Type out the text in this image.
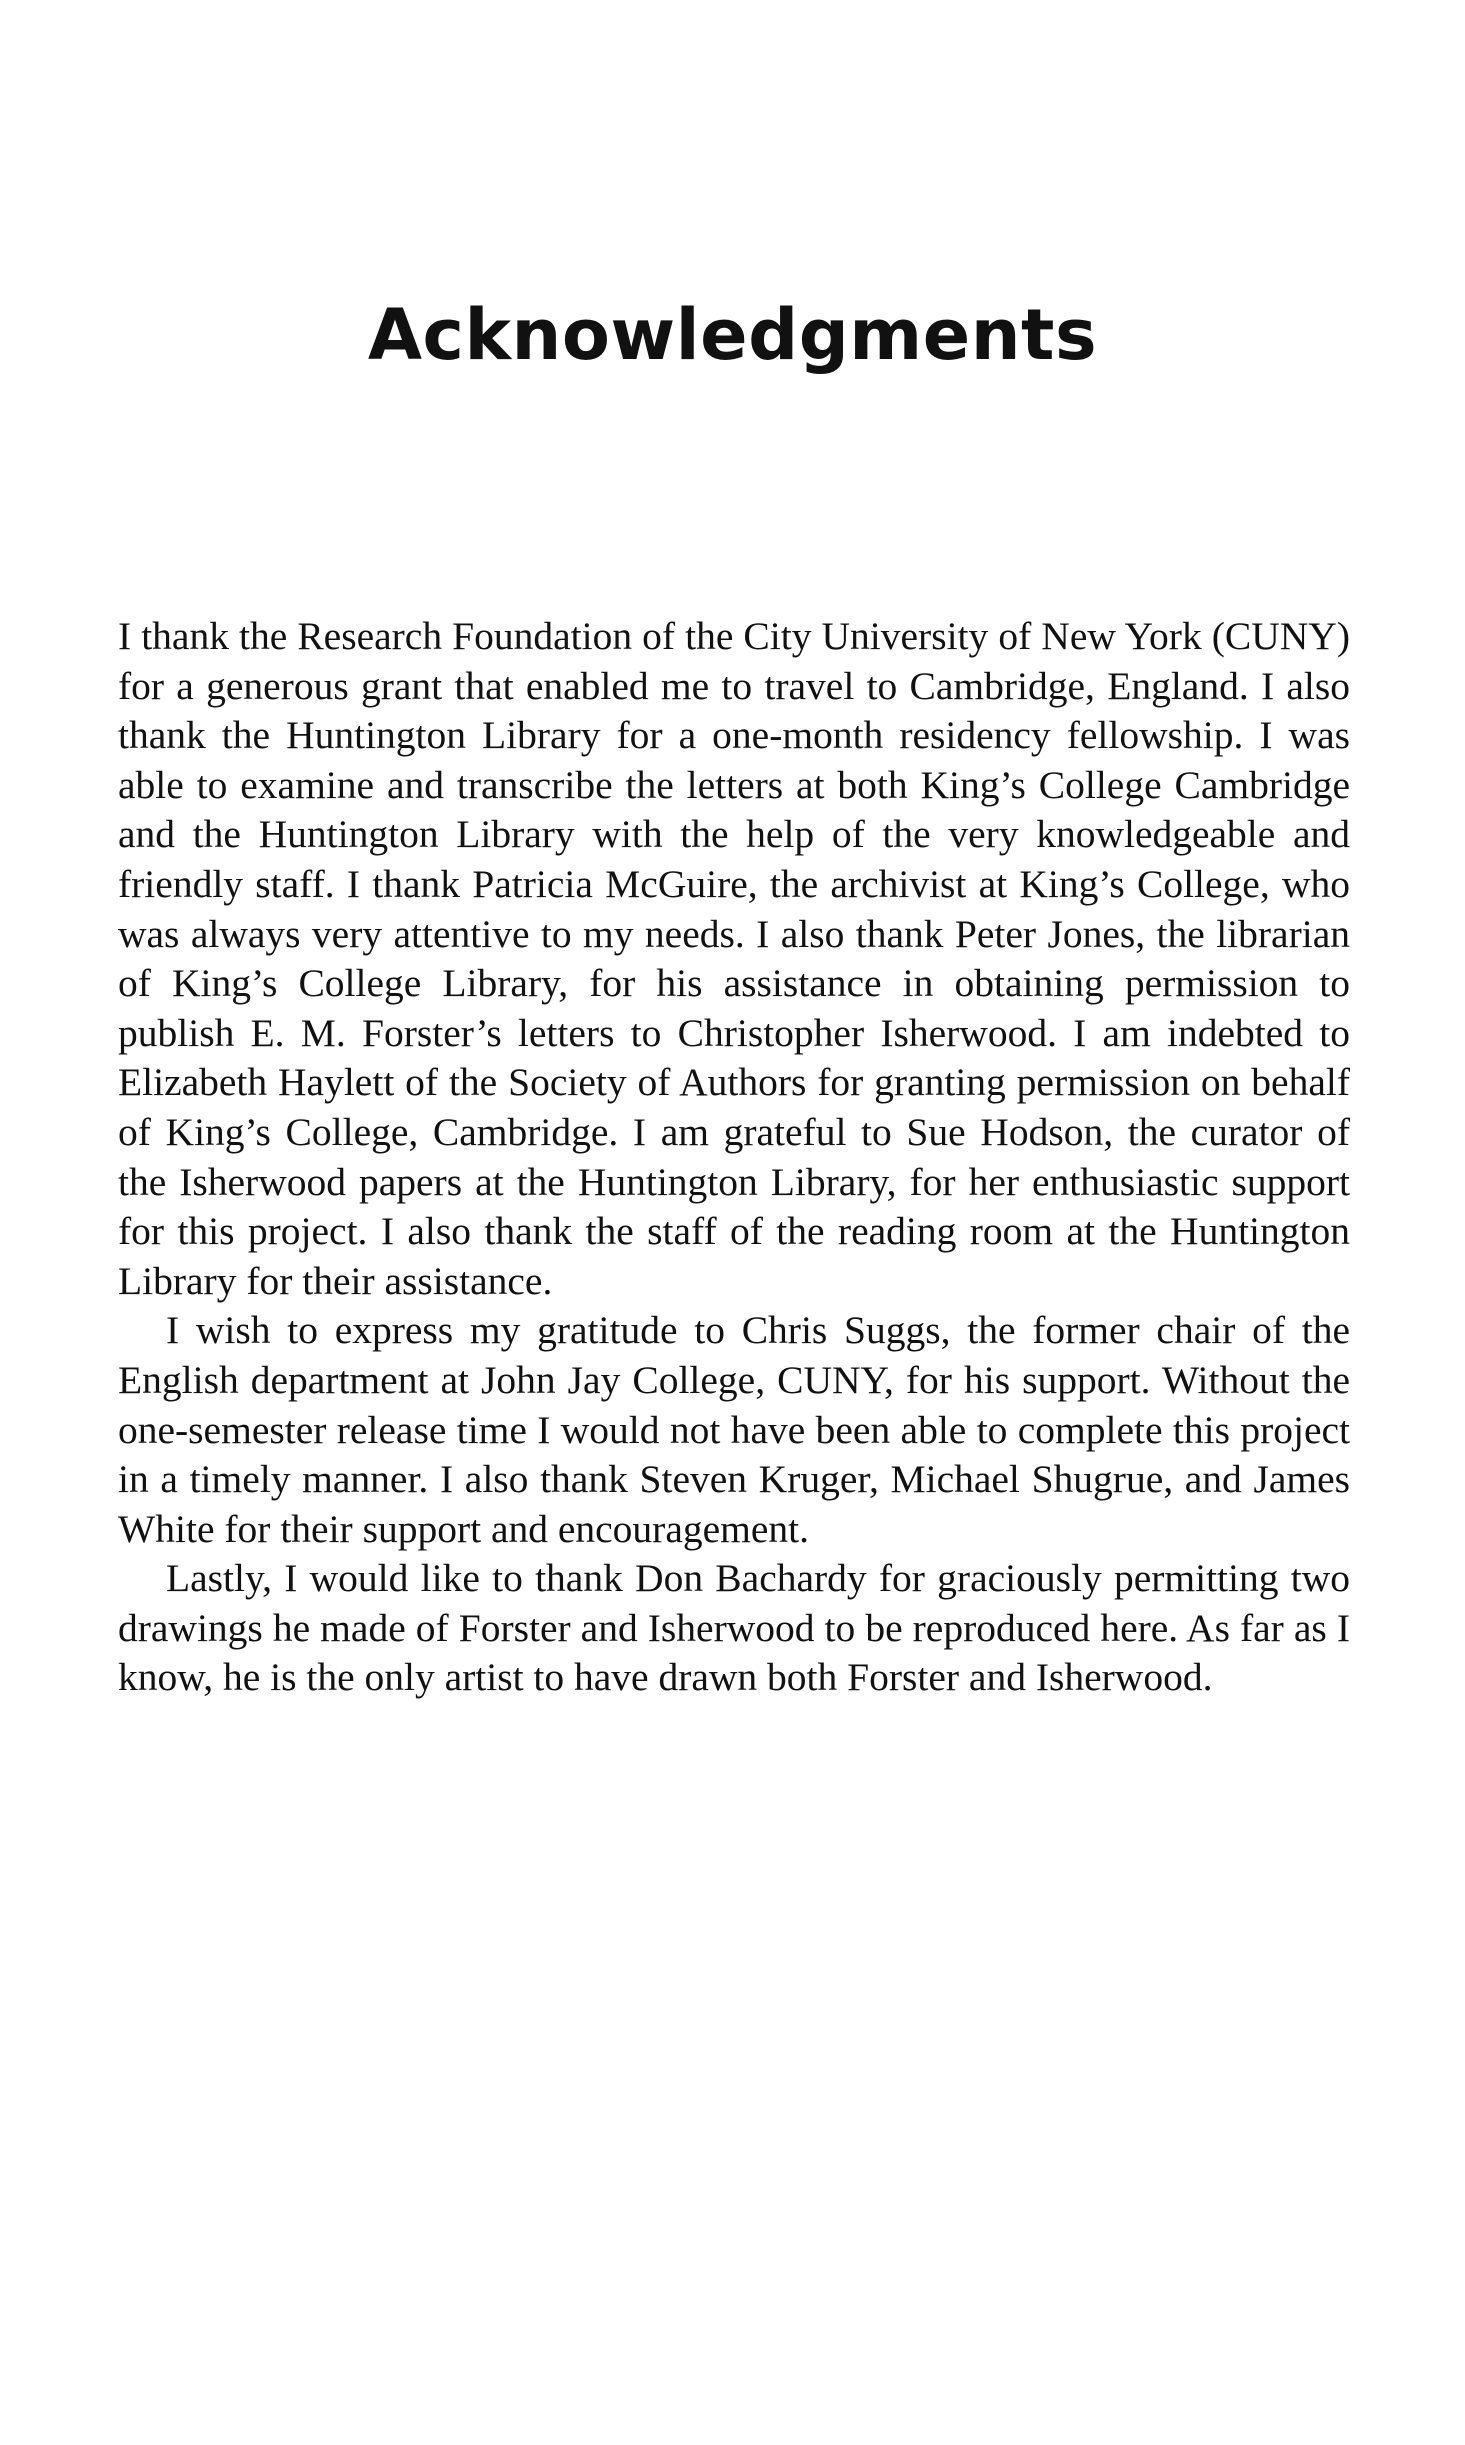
Acknowledgments

I thank the Research Foundation of the City University of New York (CUNY) for a generous grant that enabled me to travel to Cambridge, England. I also thank the Huntington Library for a one-month residency fellowship. I was able to examine and transcribe the letters at both King’s College Cambridge and the Huntington Library with the help of the very knowledgeable and friendly staff. I thank Patricia McGuire, the archivist at King’s College, who was always very attentive to my needs. I also thank Peter Jones, the librarian of King’s College Library, for his assistance in obtaining permission to publish E. M. Forster’s letters to Christopher Isherwood. I am indebted to Elizabeth Haylett of the Society of Authors for granting permission on behalf of King’s College, Cambridge. I am grateful to Sue Hodson, the curator of the Isherwood papers at the Huntington Library, for her enthusiastic support for this project. I also thank the staff of the reading room at the Huntington Library for their assistance.

I wish to express my gratitude to Chris Suggs, the former chair of the English department at John Jay College, CUNY, for his support. Without the one-semester release time I would not have been able to complete this project in a timely manner. I also thank Steven Kruger, Michael Shugrue, and James White for their support and encouragement.

Lastly, I would like to thank Don Bachardy for graciously permitting two drawings he made of Forster and Isherwood to be reproduced here. As far as I know, he is the only artist to have drawn both Forster and Isherwood.
